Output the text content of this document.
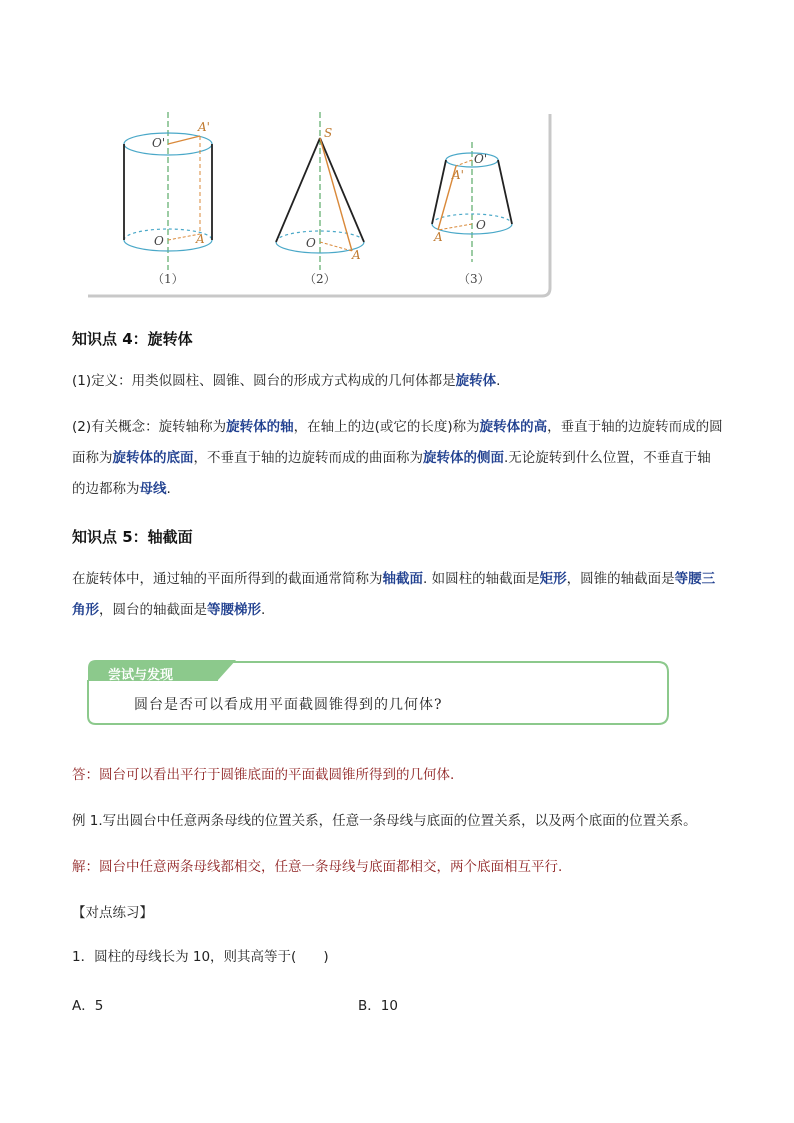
O'
A'
O	A
（1）
S
O
A
（2）
O'
A'
O
A
（3）
知识点 4：旋转体
(1)定义：用类似圆柱、圆锥、圆台的形成方式构成的几何体都是旋转体.
(2)有关概念：旋转轴称为旋转体的轴，在轴上的边(或它的长度)称为旋转体的高，垂直于轴的边旋转而成的圆面称为旋转体的底面，不垂直于轴的边旋转而成的曲面称为旋转体的侧面.无论旋转到什么位置，不垂直于轴的边都称为母线.
知识点 5：轴截面
在旋转体中，通过轴的平面所得到的截面通常简称为轴截面. 如圆柱的轴截面是矩形，圆锥的轴截面是等腰三角形，圆台的轴截面是等腰梯形.
尝试与发现
圆台是否可以看成用平面截圆锥得到的几何体?
答：圆台可以看出平行于圆锥底面的平面截圆锥所得到的几何体.
例 1.写出圆台中任意两条母线的位置关系，任意一条母线与底面的位置关系，以及两个底面的位置关系。
解：圆台中任意两条母线都相交，任意一条母线与底面都相交，两个底面相互平行.
【对点练习】
1．圆柱的母线长为 10，则其高等于(　　)
A．5	B．10
